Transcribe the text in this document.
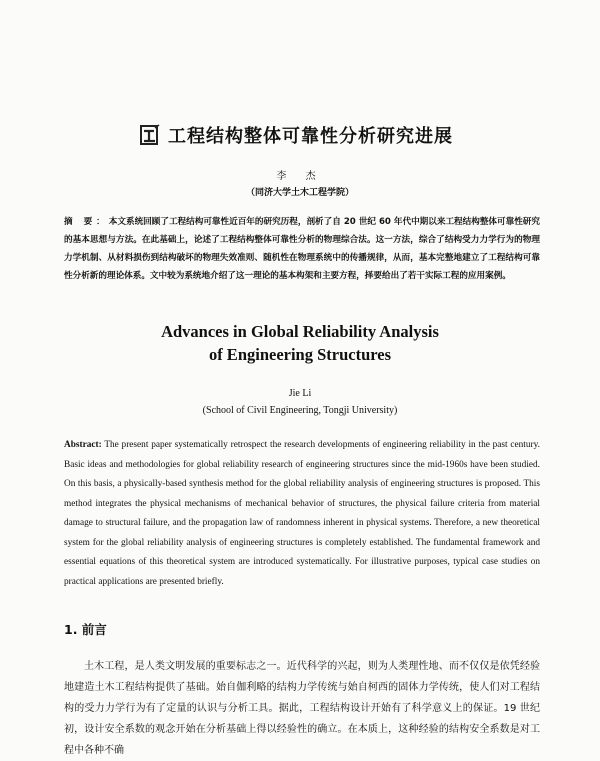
工程结构整体可靠性分析研究进展
李 杰
（同济大学土木工程学院）
摘 要：本文系统回顾了工程结构可靠性近百年的研究历程，剖析了自 20 世纪 60 年代中期以来工程结构整体可靠性研究的基本思想与方法。在此基础上，论述了工程结构整体可靠性分析的物理综合法。这一方法，综合了结构受力力学行为的物理力学机制、从材料损伤到结构破坏的物理失效准则、随机性在物理系统中的传播规律，从而，基本完整地建立了工程结构可靠性分析新的理论体系。文中较为系统地介绍了这一理论的基本构架和主要方程，择要给出了若干实际工程的应用案例。
Advances in Global Reliability Analysis
of Engineering Structures
Jie Li
(School of Civil Engineering, Tongji University)
Abstract: The present paper systematically retrospect the research developments of engineering reliability in the past century. Basic ideas and methodologies for global reliability research of engineering structures since the mid-1960s have been studied. On this basis, a physically-based synthesis method for the global reliability analysis of engineering structures is proposed. This method integrates the physical mechanisms of mechanical behavior of structures, the physical failure criteria from material damage to structural failure, and the propagation law of randomness inherent in physical systems. Therefore, a new theoretical system for the global reliability analysis of engineering structures is completely established. The fundamental framework and essential equations of this theoretical system are introduced systematically. For illustrative purposes, typical case studies on practical applications are presented briefly.
1. 前言
土木工程，是人类文明发展的重要标志之一。近代科学的兴起，则为人类理性地、而不仅仅是依凭经验地建造土木工程结构提供了基础。始自伽利略的结构力学传统与始自柯西的固体力学传统，使人们对工程结构的受力力学行为有了定量的认识与分析工具。据此，工程结构设计开始有了科学意义上的保证。19 世纪初，设计安全系数的观念开始在分析基础上得以经验性的确立。在本质上，这种经验的结构安全系数是对工程中各种不确
